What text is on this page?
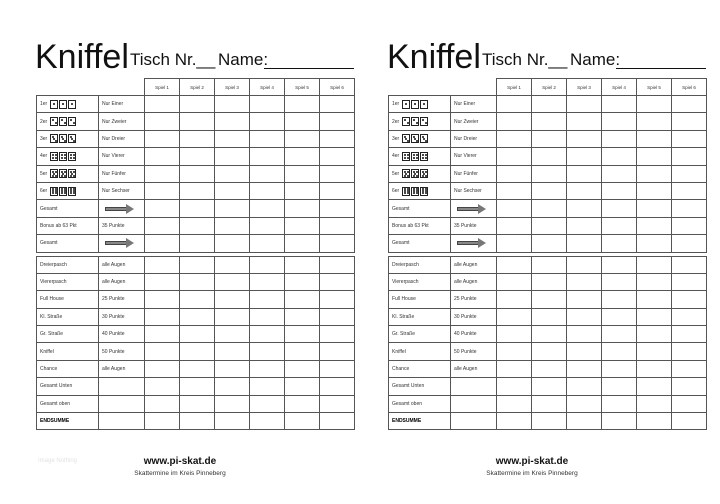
Kniffel Tisch Nr.__ Name:
		Spiel 1	Spiel 2	Spiel 3	Spiel 4	Spiel 5	Spiel 6

1er	Nur Einer						

2er	Nur Zweier						

3er	Nur Dreier						

4er	Nur Vierer						

5er	Nur Fünfer						

6er	Nur Sechser						

Gesamt							

Bonus ab 63 Pkt	35 Punkte						

Gesamt							

Dreierpasch	alle Augen						

Viererpasch	alle Augen						

Full House	25 Punkte						

Kl. Straße	30 Punkte						

Gr. Straße	40 Punkte						

Kniffel	50 Punkte						

Chance	alle Augen						

Gesamt Unten							

Gesamt oben							

ENDSUMME							

www.pi-skat.de
Skattermine im Kreis Pinneberg
Image Nothing
Kniffel Tisch Nr.__ Name:
		Spiel 1	Spiel 2	Spiel 3	Spiel 4	Spiel 5	Spiel 6

1er	Nur Einer						

2er	Nur Zweier						

3er	Nur Dreier						

4er	Nur Vierer						

5er	Nur Fünfer						

6er	Nur Sechser						

Gesamt							

Bonus ab 63 Pkt	35 Punkte						

Gesamt							

Dreierpasch	alle Augen						

Viererpasch	alle Augen						

Full House	25 Punkte						

Kl. Straße	30 Punkte						

Gr. Straße	40 Punkte						

Kniffel	50 Punkte						

Chance	alle Augen						

Gesamt Unten							

Gesamt oben							

ENDSUMME							

www.pi-skat.de
Skattermine im Kreis Pinneberg
